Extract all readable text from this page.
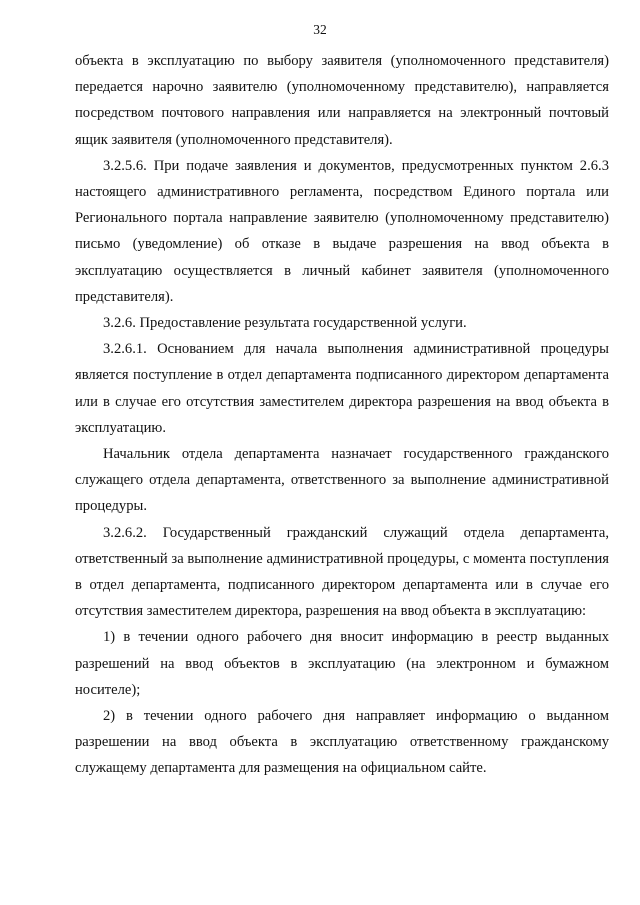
32

объекта в эксплуатацию по выбору заявителя (уполномоченного представителя) передается нарочно заявителю (уполномоченному представителю), направляется посредством почтового направления или направляется на электронный почтовый ящик заявителя (уполномоченного представителя).

3.2.5.6. При подаче заявления и документов, предусмотренных пунктом 2.6.3 настоящего административного регламента, посредством Единого портала или Регионального портала направление заявителю (уполномоченному представителю) письмо (уведомление) об отказе в выдаче разрешения на ввод объекта в эксплуатацию осуществляется в личный кабинет заявителя (уполномоченного представителя).

3.2.6. Предоставление результата государственной услуги.

3.2.6.1. Основанием для начала выполнения административной процедуры является поступление в отдел департамента подписанного директором департамента или в случае его отсутствия заместителем директора разрешения на ввод объекта в эксплуатацию.

Начальник отдела департамента назначает государственного гражданского служащего отдела департамента, ответственного за выполнение административной процедуры.

3.2.6.2. Государственный гражданский служащий отдела департамента, ответственный за выполнение административной процедуры, с момента поступления в отдел департамента, подписанного директором департамента или в случае его отсутствия заместителем директора, разрешения на ввод объекта в эксплуатацию:

1) в течении одного рабочего дня вносит информацию в реестр выданных разрешений на ввод объектов в эксплуатацию (на электронном и бумажном носителе);

2) в течении одного рабочего дня направляет информацию о выданном разрешении на ввод объекта в эксплуатацию ответственному гражданскому служащему департамента для размещения на официальном сайте.
